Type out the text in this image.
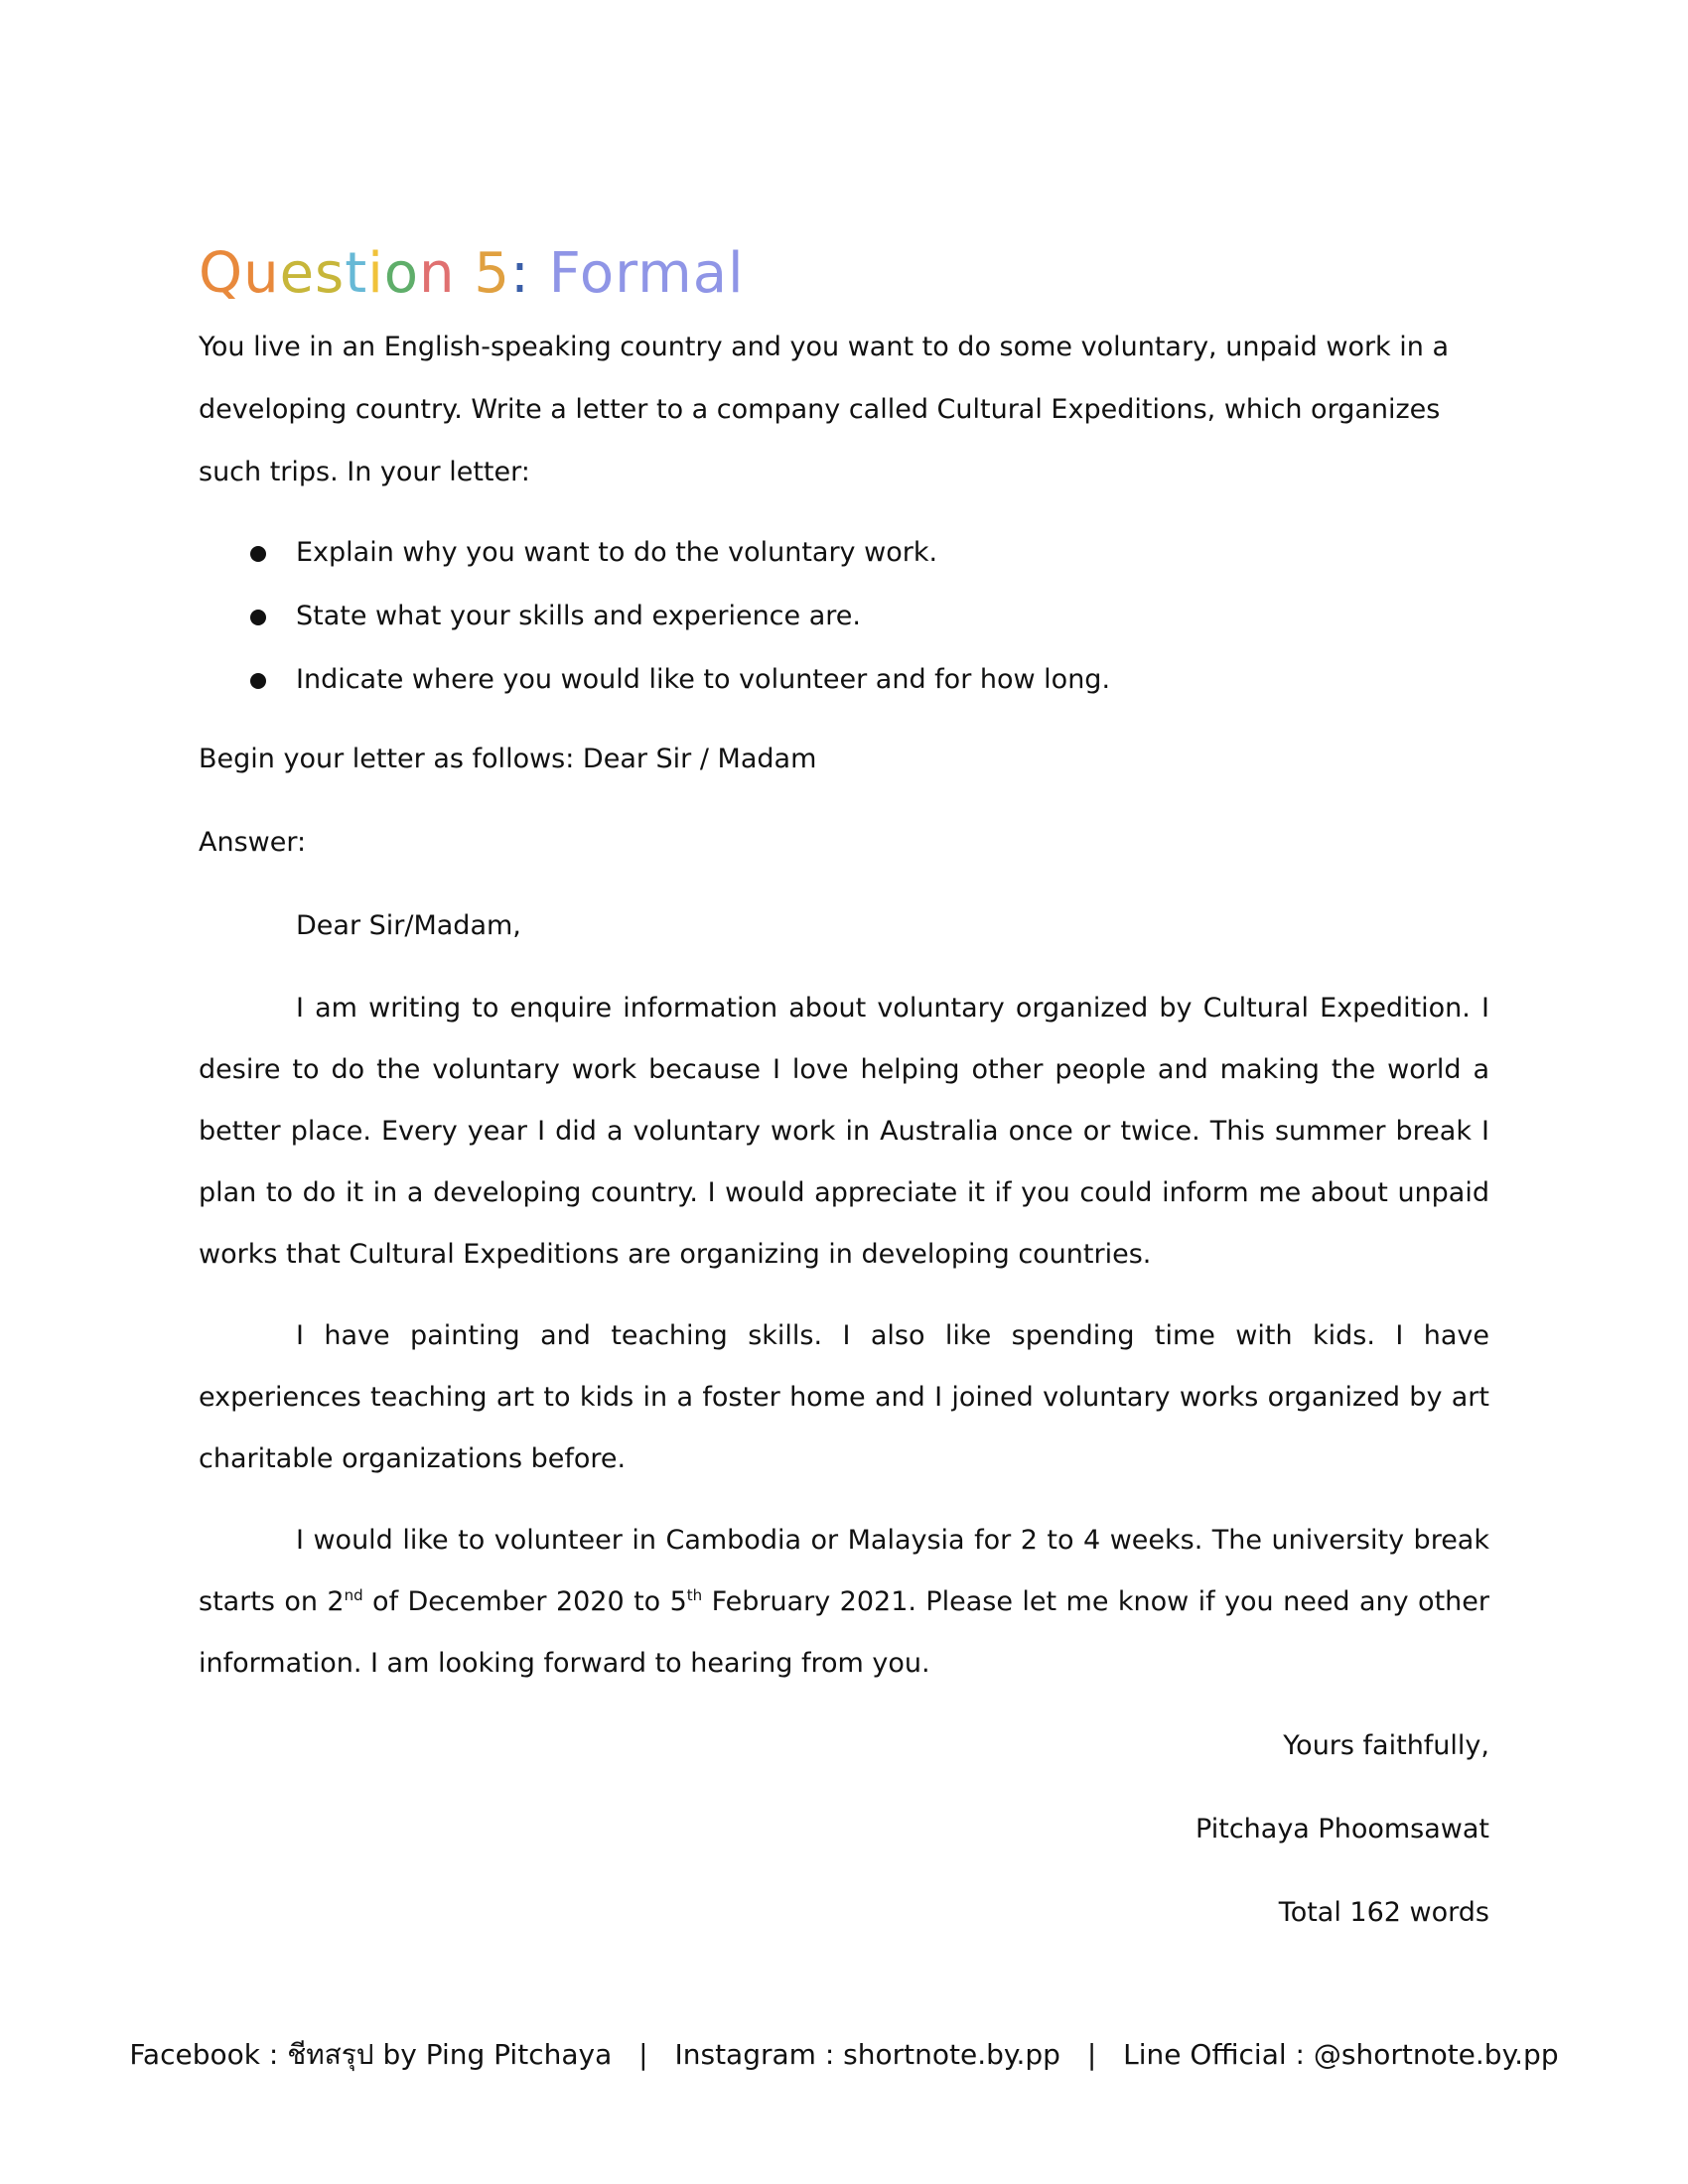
Question 5: Formal

You live in an English-speaking country and you want to do some voluntary, unpaid work in a developing country. Write a letter to a company called Cultural Expeditions, which organizes such trips. In your letter:

Explain why you want to do the voluntary work.
State what your skills and experience are.
Indicate where you would like to volunteer and for how long.

Begin your letter as follows: Dear Sir / Madam

Answer:

Dear Sir/Madam,

I am writing to enquire information about voluntary organized by Cultural Expedition. I desire to do the voluntary work because I love helping other people and making the world a better place. Every year I did a voluntary work in Australia once or twice. This summer break I plan to do it in a developing country. I would appreciate it if you could inform me about unpaid works that Cultural Expeditions are organizing in developing countries.

I have painting and teaching skills. I also like spending time with kids. I have experiences teaching art to kids in a foster home and I joined voluntary works organized by art charitable organizations before.

I would like to volunteer in Cambodia or Malaysia for 2 to 4 weeks. The university break starts on 2nd of December 2020 to 5th February 2021. Please let me know if you need any other information. I am looking forward to hearing from you.

Yours faithfully,

Pitchaya Phoomsawat

Total 162 words

Facebook : ชีทสรุป by Ping Pitchaya | Instagram : shortnote.by.pp | Line Official : @shortnote.by.pp
